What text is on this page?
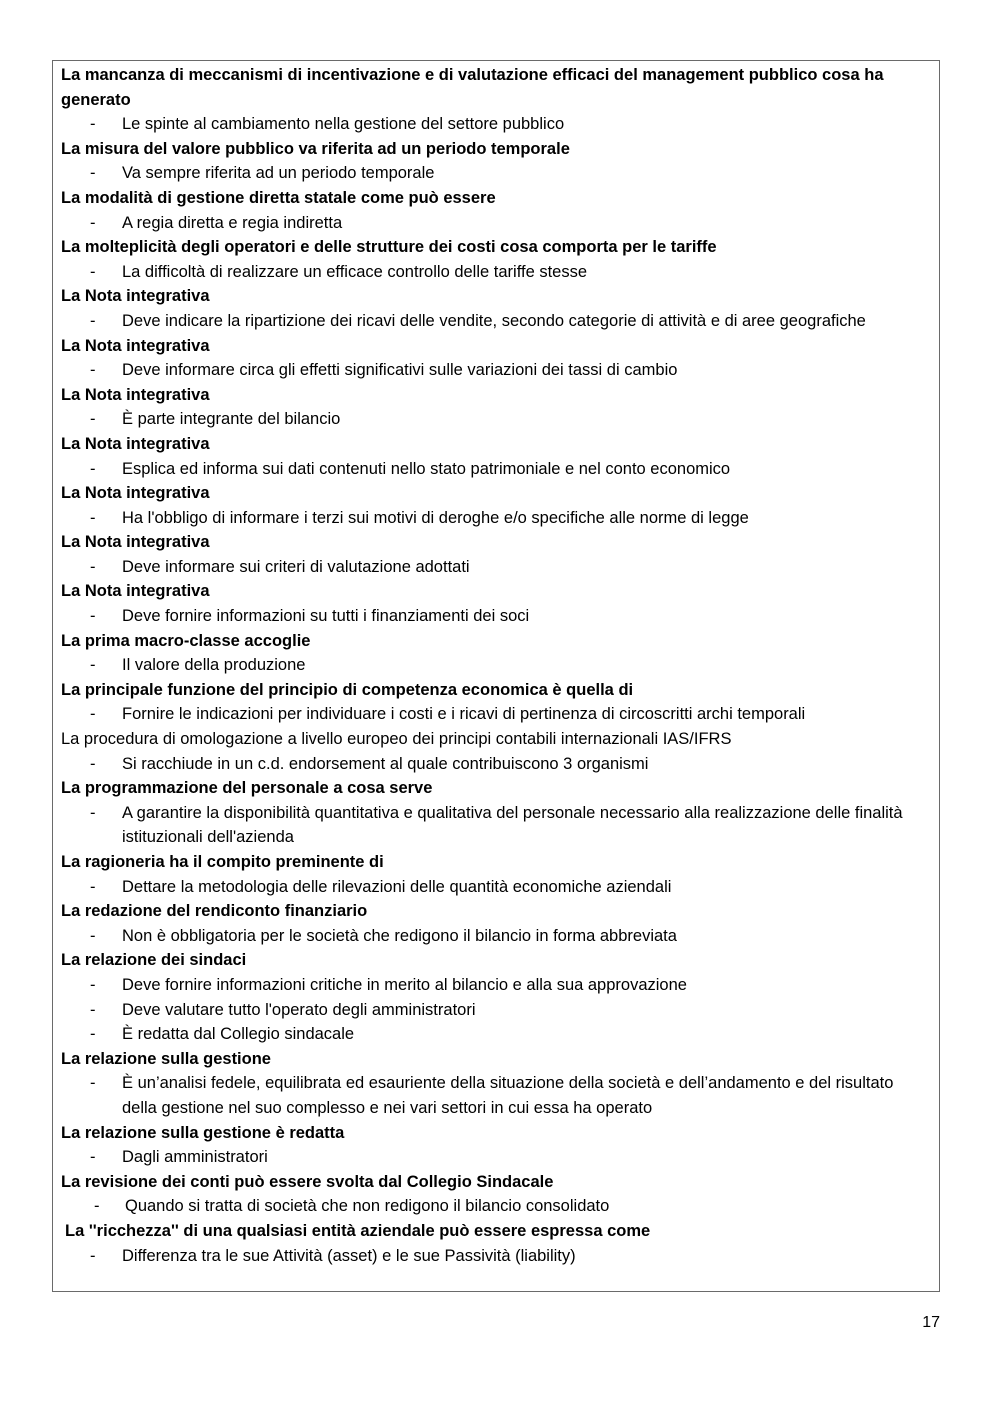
La mancanza di meccanismi di incentivazione e di valutazione efficaci del management pubblico cosa ha generato

- Le spinte al cambiamento nella gestione del settore pubblico

La misura del valore pubblico va riferita ad un periodo temporale

- Va sempre riferita ad un periodo temporale

La modalità di gestione diretta statale come può essere

- A regia diretta e regia indiretta

La molteplicità degli operatori e delle strutture dei costi cosa comporta per le tariffe

- La difficoltà di realizzare un efficace controllo delle tariffe stesse

La Nota integrativa

- Deve indicare la ripartizione dei ricavi delle vendite, secondo categorie di attività e di aree geografiche

La Nota integrativa

- Deve informare circa gli effetti significativi sulle variazioni dei tassi di cambio

La Nota integrativa

- È parte integrante del bilancio

La Nota integrativa

- Esplica ed informa sui dati contenuti nello stato patrimoniale e nel conto economico

La Nota integrativa

- Ha l'obbligo di informare i terzi sui motivi di deroghe e/o specifiche alle norme di legge

La Nota integrativa

- Deve informare sui criteri di valutazione adottati

La Nota integrativa

- Deve fornire informazioni su tutti i finanziamenti dei soci

La prima macro-classe accoglie

- Il valore della produzione

La principale funzione del principio di competenza economica è quella di

- Fornire le indicazioni per individuare i costi e i ricavi di pertinenza di circoscritti archi temporali

La procedura di omologazione a livello europeo dei principi contabili internazionali IAS/IFRS

- Si racchiude in un c.d. endorsement al quale contribuiscono 3 organismi

La programmazione del personale a cosa serve

- A garantire la disponibilità quantitativa e qualitativa del personale necessario alla realizzazione delle finalità istituzionali dell'azienda

La ragioneria ha il compito preminente di

- Dettare la metodologia delle rilevazioni delle quantità economiche aziendali

La redazione del rendiconto finanziario

- Non è obbligatoria per le società che redigono il bilancio in forma abbreviata

La relazione dei sindaci

- Deve fornire informazioni critiche in merito al bilancio e alla sua approvazione
- Deve valutare tutto l'operato degli amministratori
- È redatta dal Collegio sindacale

La relazione sulla gestione

- È un’analisi fedele, equilibrata ed esauriente della situazione della società e dell’andamento e del risultato della gestione nel suo complesso e nei vari settori in cui essa ha operato

La relazione sulla gestione è redatta

- Dagli amministratori

La revisione dei conti può essere svolta dal Collegio Sindacale

- Quando si tratta di società che non redigono il bilancio consolidato

La ''ricchezza'' di una qualsiasi entità aziendale può essere espressa come

- Differenza tra le sue Attività (asset) e le sue Passività (liability)
17
